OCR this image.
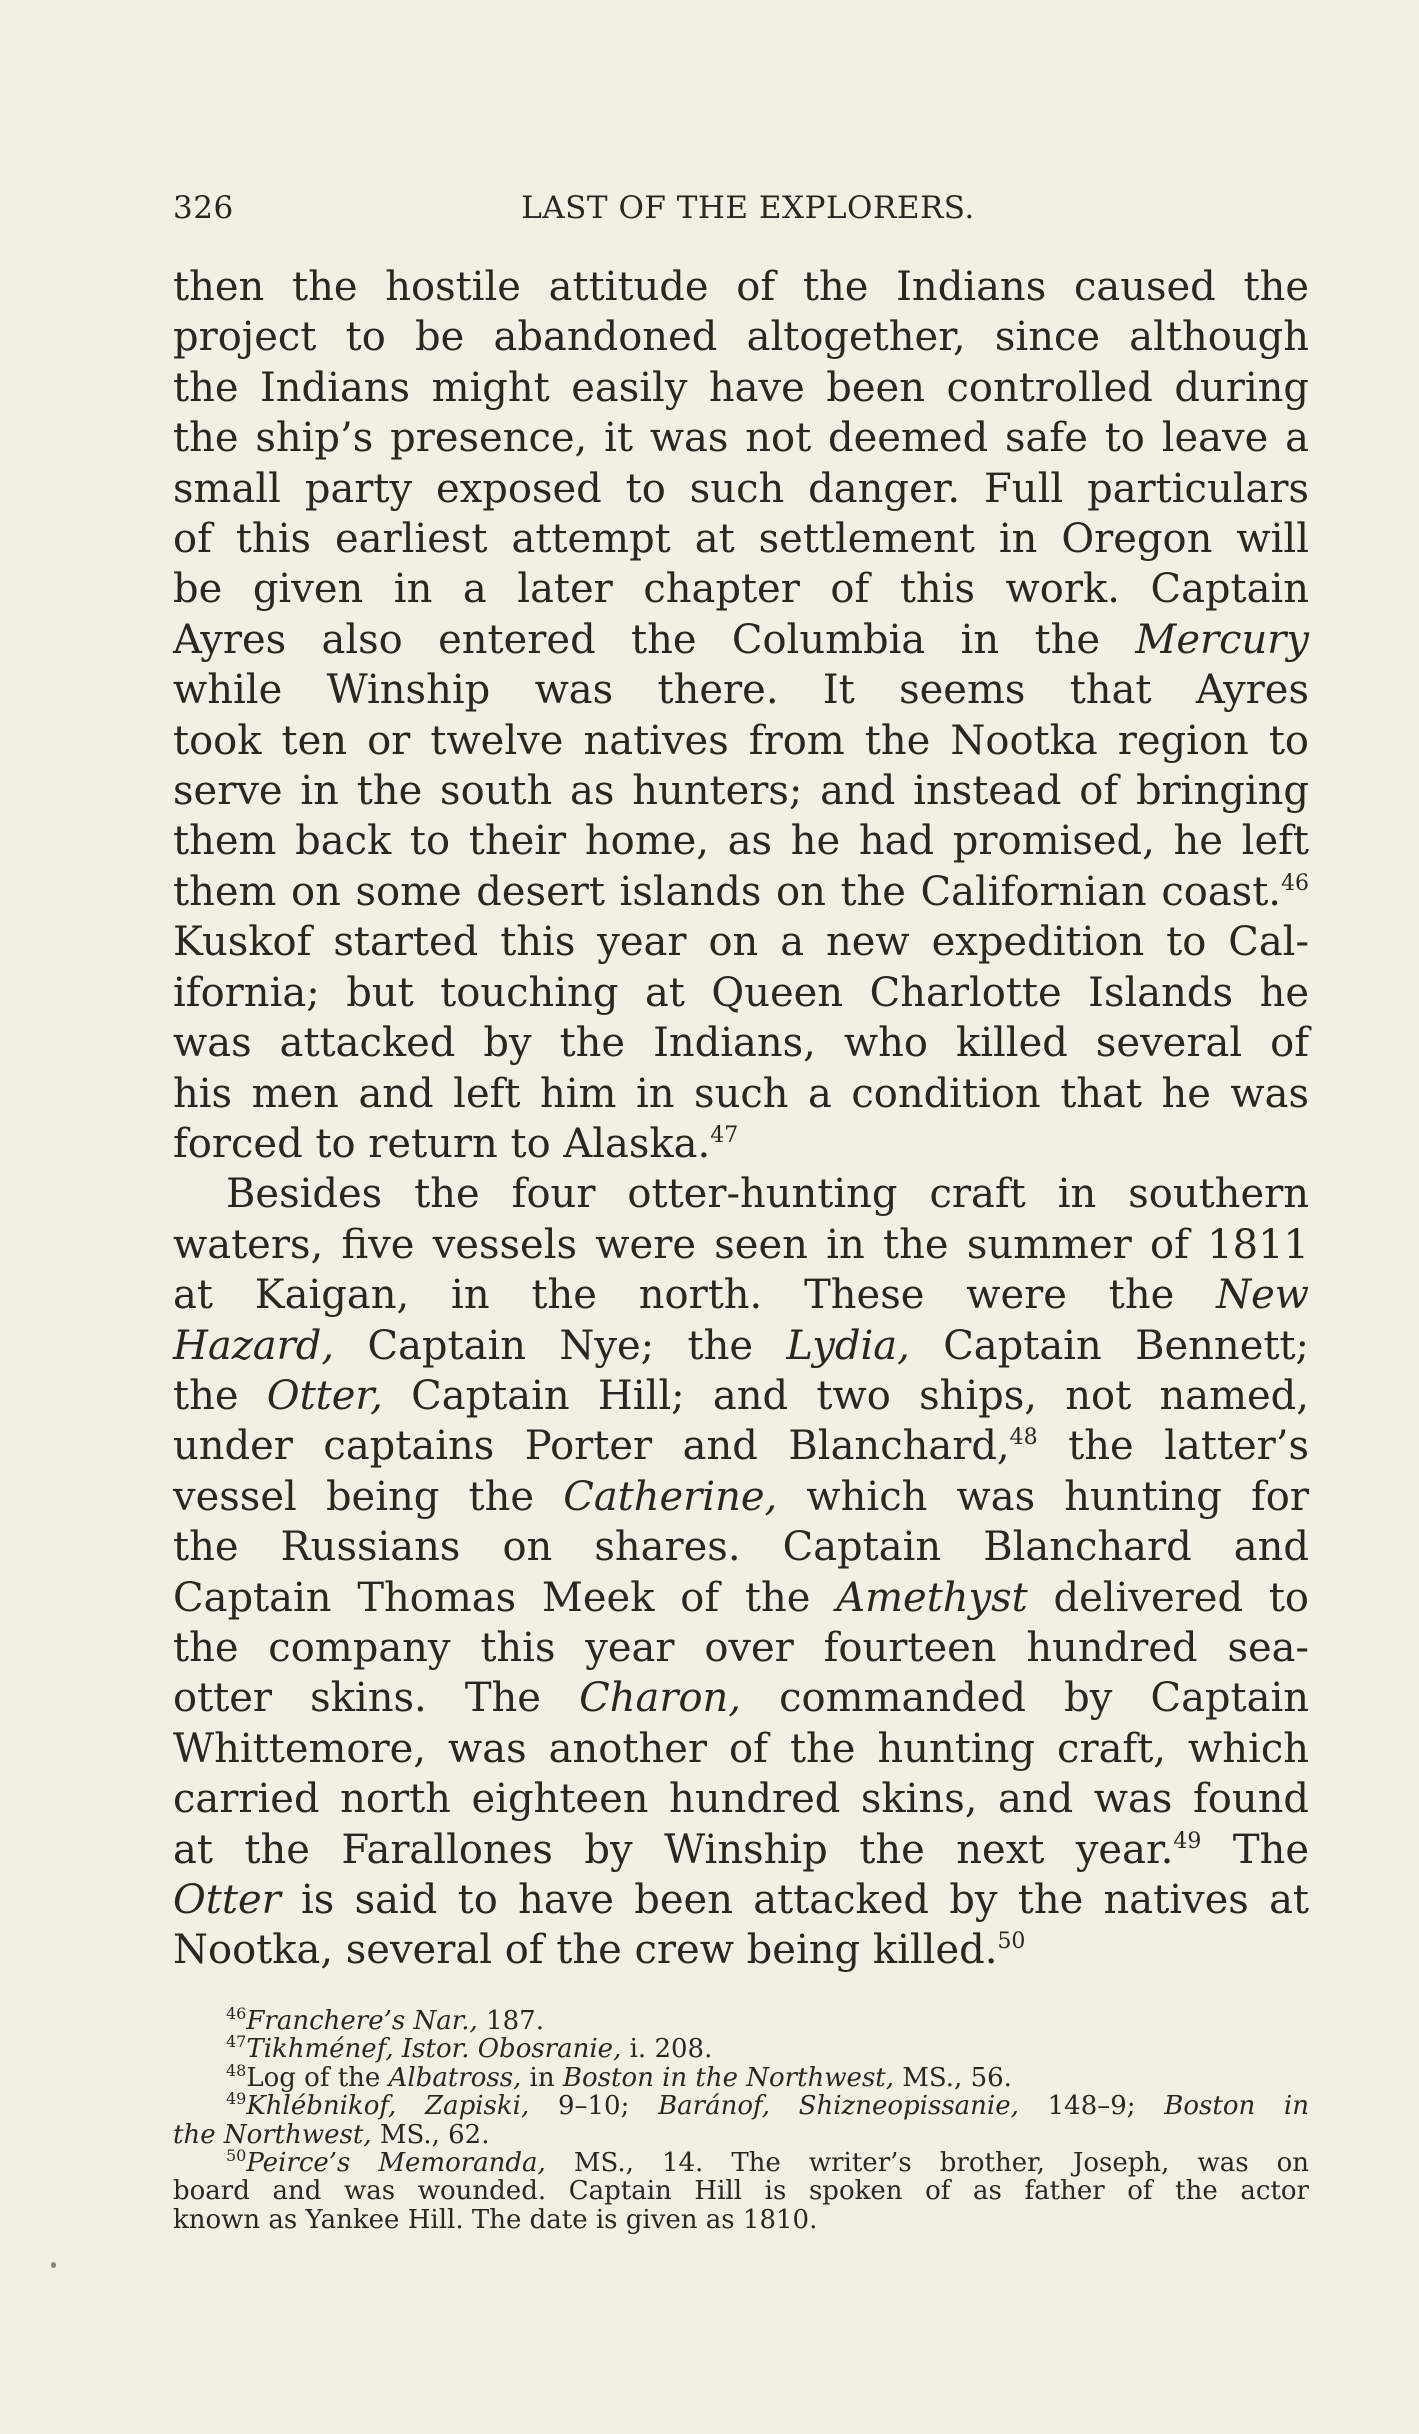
326	LAST OF THE EXPLORERS.
then the hostile attitude of the Indians caused the
project to be abandoned altogether, since although
the Indians might easily have been controlled during
the ship’s presence, it was not deemed safe to leave a
small party exposed to such danger. Full particulars
of this earliest attempt at settlement in Oregon will
be given in a later chapter of this work. Captain
Ayres also entered the Columbia in the Mercury
while Winship was there. It seems that Ayres
took ten or twelve natives from the Nootka region to
serve in the south as hunters; and instead of bringing
them back to their home, as he had promised, he left
them on some desert islands on the Californian coast.$^{46}$
Kuskof started this year on a new expedition to Cal-
ifornia; but touching at Queen Charlotte Islands he
was attacked by the Indians, who killed several of
his men and left him in such a condition that he was
forced to return to Alaska.$^{47}$
Besides the four otter-hunting craft in southern
waters, five vessels were seen in the summer of 1811
at Kaigan, in the north. These were the New
Hazard, Captain Nye; the Lydia, Captain Bennett;
the Otter, Captain Hill; and two ships, not named,
under captains Porter and Blanchard,$^{48}$ the latter’s
vessel being the Catherine, which was hunting for
the Russians on shares. Captain Blanchard and
Captain Thomas Meek of the Amethyst delivered to
the company this year over fourteen hundred sea-
otter skins. The Charon, commanded by Captain
Whittemore, was another of the hunting craft, which
carried north eighteen hundred skins, and was found
at the Farallones by Winship the next year.$^{49}$ The
Otter is said to have been attacked by the natives at
Nootka, several of the crew being killed.$^{50}$
$^{46}$Franchere’s Nar., 187.
$^{47}$Tikhménef, Istor. Obosranie, i. 208.
$^{48}$Log of the Albatross, in Boston in the Northwest, MS., 56.
$^{49}$Khlébnikof, Zapiski, 9–10; Baránof, Shizneopissanie, 148–9; Boston in
the Northwest, MS., 62.
$^{50}$Peirce’s Memoranda, MS., 14. The writer’s brother, Joseph, was on
board and was wounded. Captain Hill is spoken of as father of the actor
known as Yankee Hill. The date is given as 1810.
